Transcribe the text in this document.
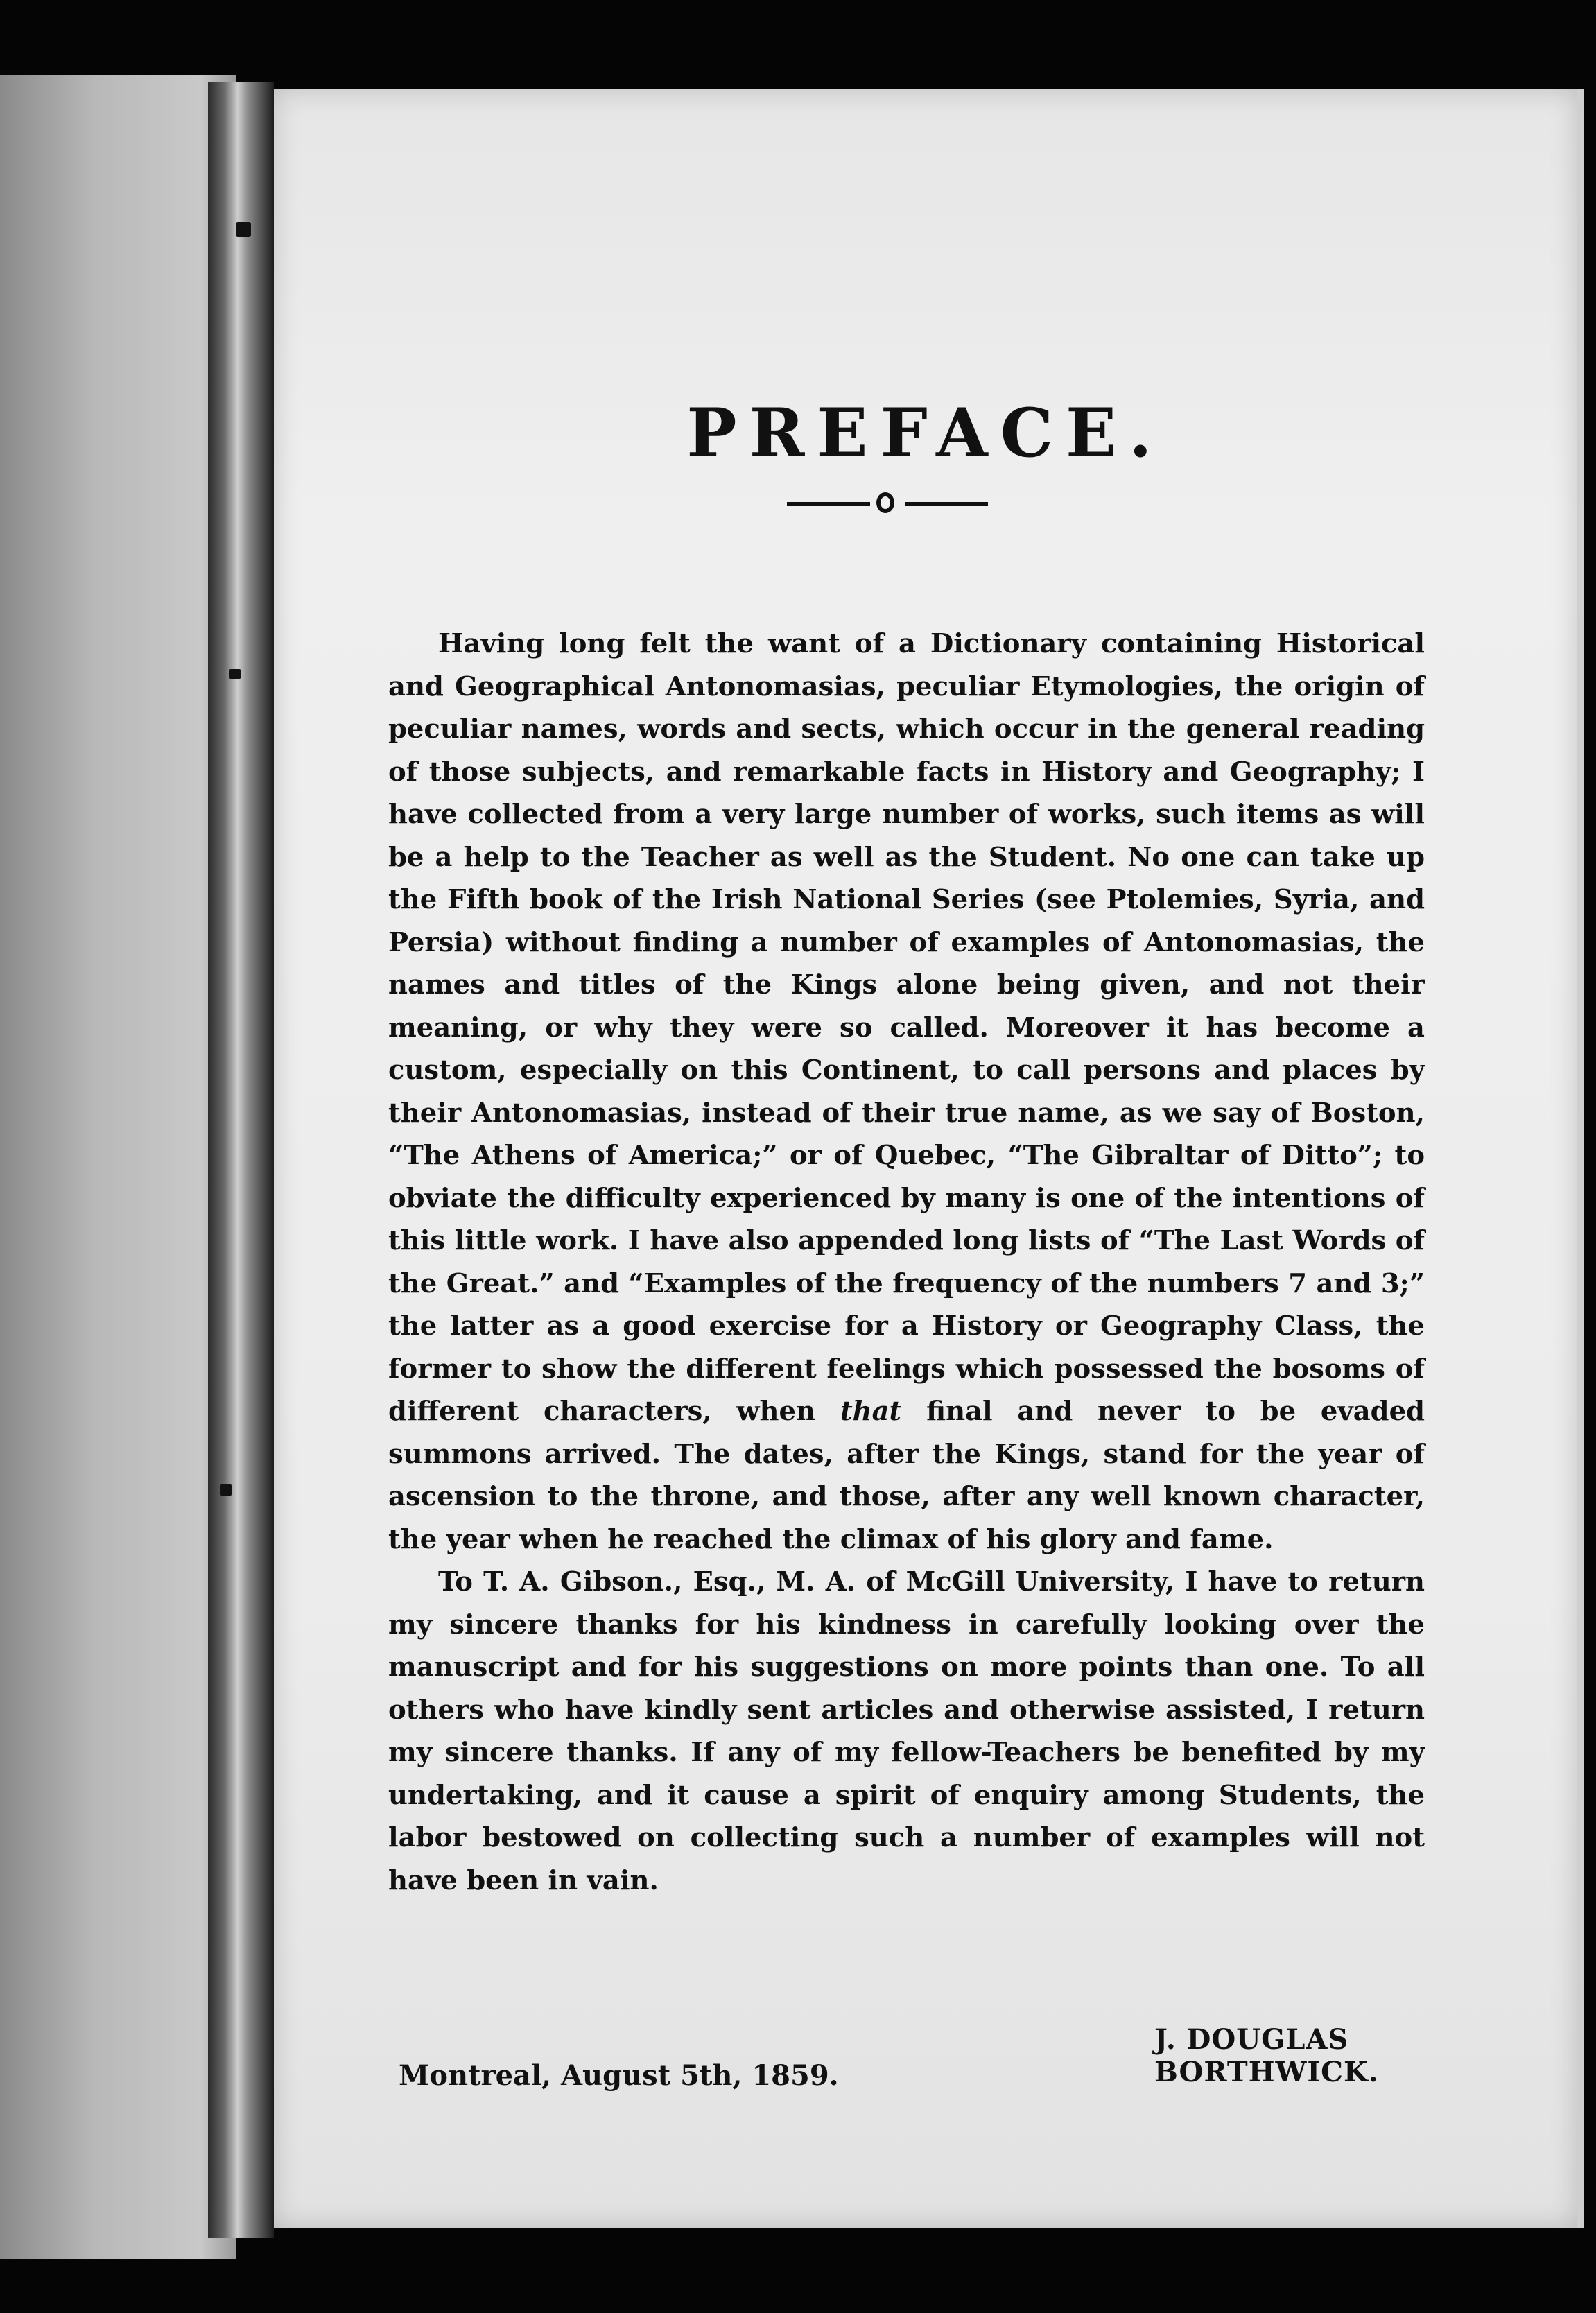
PREFACE.

Having long felt the want of a Dictionary containing Historical and Geographical Antonomasias, peculiar Etymologies, the origin of peculiar names, words and sects, which occur in the general reading of those subjects, and remarkable facts in History and Geography; I have collected from a very large number of works, such items as will be a help to the Teacher as well as the Student. No one can take up the Fifth book of the Irish National Series (see Ptolemies, Syria, and Persia) without finding a number of examples of Antonomasias, the names and titles of the Kings alone being given, and not their meaning, or why they were so called. Moreover it has become a custom, especially on this Continent, to call persons and places by their Antonomasias, instead of their true name, as we say of Boston, “The Athens of America;” or of Quebec, “The Gibraltar of Ditto”; to obviate the difficulty experienced by many is one of the intentions of this little work. I have also appended long lists of “The Last Words of the Great.” and “Examples of the frequency of the numbers 7 and 3;” the latter as a good exercise for a History or Geography Class, the former to show the different feelings which possessed the bosoms of different characters, when that final and never to be evaded summons arrived. The dates, after the Kings, stand for the year of ascension to the throne, and those, after any well known character, the year when he reached the climax of his glory and fame.

To T. A. Gibson., Esq., M. A. of McGill University, I have to return my sincere thanks for his kindness in carefully looking over the manuscript and for his suggestions on more points than one. To all others who have kindly sent articles and otherwise assisted, I return my sincere thanks. If any of my fellow-Teachers be benefited by my undertaking, and it cause a spirit of enquiry among Students, the labor bestowed on collecting such a number of examples will not have been in vain.

J. DOUGLAS BORTHWICK.
Montreal, August 5th, 1859.
